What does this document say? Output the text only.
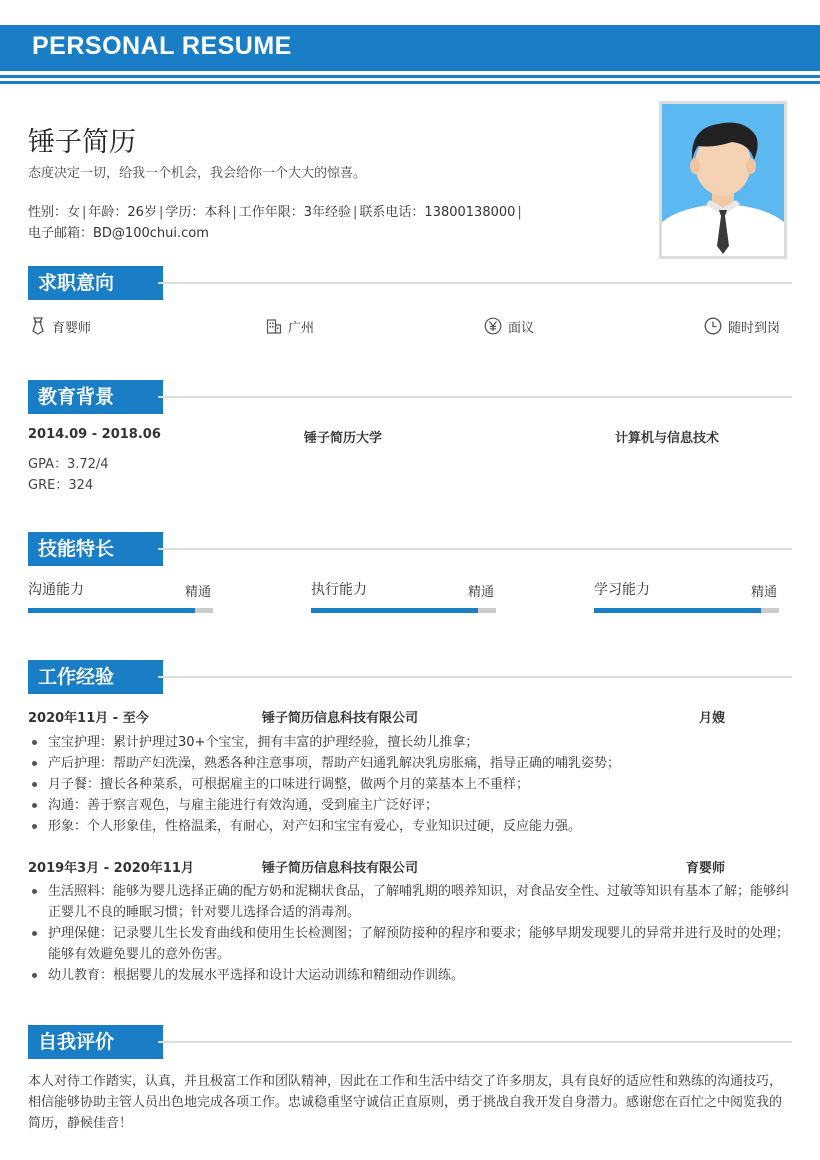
PERSONAL RESUME
锤子简历
态度决定一切，给我一个机会，我会给你一个大大的惊喜。
性别：女 | 年龄：26岁 | 学历：本科 | 工作年限：3年经验 | 联系电话：13800138000 |
电子邮箱：BD@100chui.com
求职意向
育婴师	广州	面议	随时到岗
教育背景
2014.09 - 2018.06	锤子简历大学	计算机与信息技术
GPA：3.72/4
GRE：324
技能特长
沟通能力	精通	执行能力	精通	学习能力	精通
工作经验
2020年11月 - 至今	锤子简历信息科技有限公司	月嫂
宝宝护理：累计护理过30+个宝宝，拥有丰富的护理经验，擅长幼儿推拿；
产后护理：帮助产妇洗澡，熟悉各种注意事项，帮助产妇通乳解决乳房胀痛，指导正确的哺乳姿势；
月子餐：擅长各种菜系，可根据雇主的口味进行调整，做两个月的菜基本上不重样；
沟通：善于察言观色，与雇主能进行有效沟通，受到雇主广泛好评；
形象：个人形象佳，性格温柔，有耐心，对产妇和宝宝有爱心，专业知识过硬，反应能力强。
2019年3月 - 2020年11月	锤子简历信息科技有限公司	育婴师
生活照料：能够为婴儿选择正确的配方奶和泥糊状食品，了解哺乳期的喂养知识，对食品安全性、过敏等知识有基本了解；能够纠正婴儿不良的睡眠习惯；针对婴儿选择合适的消毒剂。
护理保健：记录婴儿生长发育曲线和使用生长检测图；了解预防接种的程序和要求；能够早期发现婴儿的异常并进行及时的处理；能够有效避免婴儿的意外伤害。
幼儿教育：根据婴儿的发展水平选择和设计大运动训练和精细动作训练。
自我评价
本人对待工作踏实，认真，并且极富工作和团队精神，因此在工作和生活中结交了许多朋友，具有良好的适应性和熟练的沟通技巧，相信能够协助主管人员出色地完成各项工作。忠诚稳重坚守诚信正直原则，勇于挑战自我开发自身潜力。感谢您在百忙之中阅览我的简历，静候佳音！
